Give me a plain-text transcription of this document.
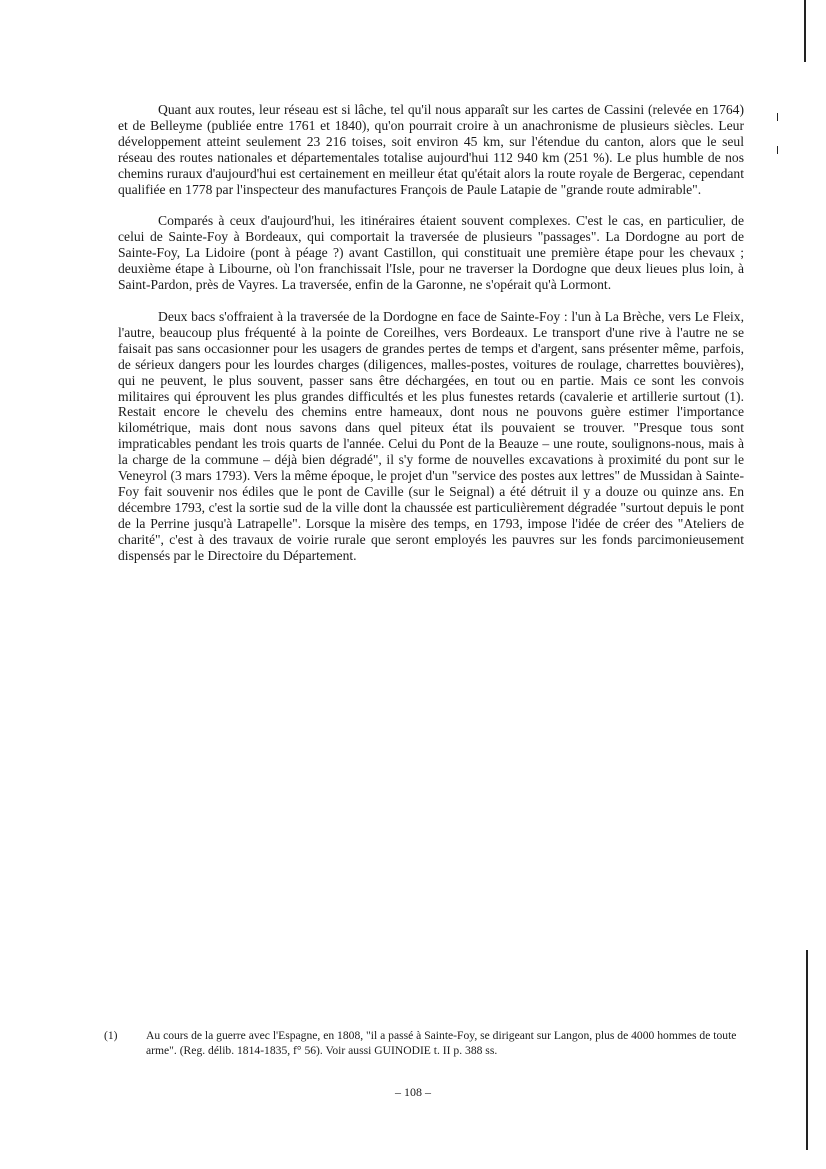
Quant aux routes, leur réseau est si lâche, tel qu'il nous apparaît sur les cartes de Cassini (relevée en 1764) et de Belleyme (publiée entre 1761 et 1840), qu'on pourrait croire à un anachronisme de plusieurs siècles. Leur développement atteint seulement 23 216 toises, soit environ 45 km, sur l'étendue du canton, alors que le seul réseau des routes nationales et départementales totalise aujourd'hui 112 940 km (251 %). Le plus humble de nos chemins ruraux d'aujourd'hui est certainement en meilleur état qu'était alors la route royale de Bergerac, cependant qualifiée en 1778 par l'inspecteur des manufactures François de Paule Latapie de "grande route admirable".

Comparés à ceux d'aujourd'hui, les itinéraires étaient souvent complexes. C'est le cas, en particulier, de celui de Sainte-Foy à Bordeaux, qui comportait la traversée de plusieurs "passages". La Dordogne au port de Sainte-Foy, La Lidoire (pont à péage ?) avant Castillon, qui constituait une première étape pour les chevaux ; deuxième étape à Libourne, où l'on franchissait l'Isle, pour ne traverser la Dordogne que deux lieues plus loin, à Saint-Pardon, près de Vayres. La traversée, enfin de la Garonne, ne s'opérait qu'à Lormont.

Deux bacs s'offraient à la traversée de la Dordogne en face de Sainte-Foy : l'un à La Brèche, vers Le Fleix, l'autre, beaucoup plus fréquenté à la pointe de Coreilhes, vers Bordeaux. Le transport d'une rive à l'autre ne se faisait pas sans occasionner pour les usagers de grandes pertes de temps et d'argent, sans présenter même, parfois, de sérieux dangers pour les lourdes charges (diligences, malles-postes, voitures de roulage, charrettes bouvières), qui ne peuvent, le plus souvent, passer sans être déchargées, en tout ou en partie. Mais ce sont les convois militaires qui éprouvent les plus grandes difficultés et les plus funestes retards (cavalerie et artillerie surtout (1). Restait encore le chevelu des chemins entre hameaux, dont nous ne pouvons guère estimer l'importance kilométrique, mais dont nous savons dans quel piteux état ils pouvaient se trouver. "Presque tous sont impraticables pendant les trois quarts de l'année. Celui du Pont de la Beauze – une route, soulignons-nous, mais à la charge de la commune – déjà bien dégradé", il s'y forme de nouvelles excavations à proximité du pont sur le Veneyrol (3 mars 1793). Vers la même époque, le projet d'un "service des postes aux lettres" de Mussidan à Sainte-Foy fait souvenir nos édiles que le pont de Caville (sur le Seignal) a été détruit il y a douze ou quinze ans. En décembre 1793, c'est la sortie sud de la ville dont la chaussée est particulièrement dégradée "surtout depuis le pont de la Perrine jusqu'à Latrapelle". Lorsque la misère des temps, en 1793, impose l'idée de créer des "Ateliers de charité", c'est à des travaux de voirie rurale que seront employés les pauvres sur les fonds parcimonieusement dispensés par le Directoire du Département.

(1) Au cours de la guerre avec l'Espagne, en 1808, "il a passé à Sainte-Foy, se dirigeant sur Langon, plus de 4000 hommes de toute arme". (Reg. délib. 1814-1835, f° 56). Voir aussi GUINODIE t. II p. 388 ss.

– 108 –
